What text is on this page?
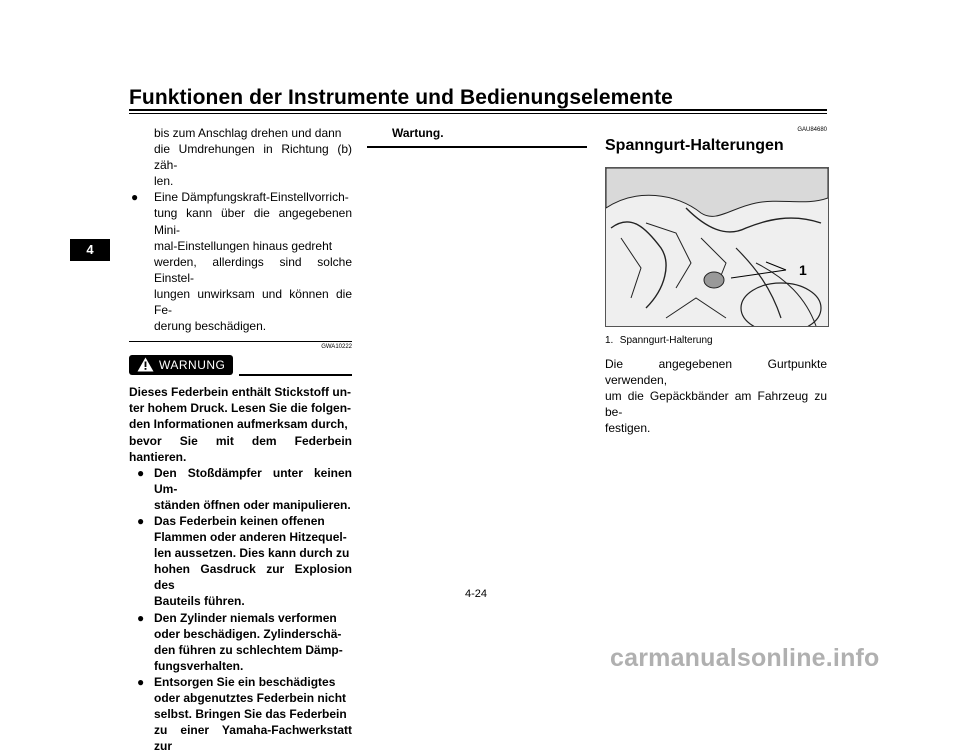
Funktionen der Instrumente und Bedienungselemente
4
bis zum Anschlag drehen und dann
die Umdrehungen in Richtung (b) zäh-
len.
● Eine Dämpfungskraft-Einstellvorrich-
tung kann über die angegebenen Mini-
mal-Einstellungen hinaus gedreht
werden, allerdings sind solche Einstel-
lungen unwirksam und können die Fe-
derung beschädigen.
GWA10222
WARNUNG
Dieses Federbein enthält Stickstoff un-
ter hohem Druck. Lesen Sie die folgen-
den Informationen aufmerksam durch,
bevor Sie mit dem Federbein hantieren.
● Den Stoßdämpfer unter keinen Um-
ständen öffnen oder manipulieren.
● Das Federbein keinen offenen
Flammen oder anderen Hitzequel-
len aussetzen. Dies kann durch zu
hohen Gasdruck zur Explosion des
Bauteils führen.
● Den Zylinder niemals verformen
oder beschädigen. Zylinderschä-
den führen zu schlechtem Dämp-
fungsverhalten.
● Entsorgen Sie ein beschädigtes
oder abgenutztes Federbein nicht
selbst. Bringen Sie das Federbein
zu einer Yamaha-Fachwerkstatt zur
Wartung.	GAU84680
Spanngurt-Halterungen
1
1. Spanngurt-Halterung
Die angegebenen Gurtpunkte verwenden,
um die Gepäckbänder am Fahrzeug zu be-
festigen.
4-24
carmanualsonline.info
